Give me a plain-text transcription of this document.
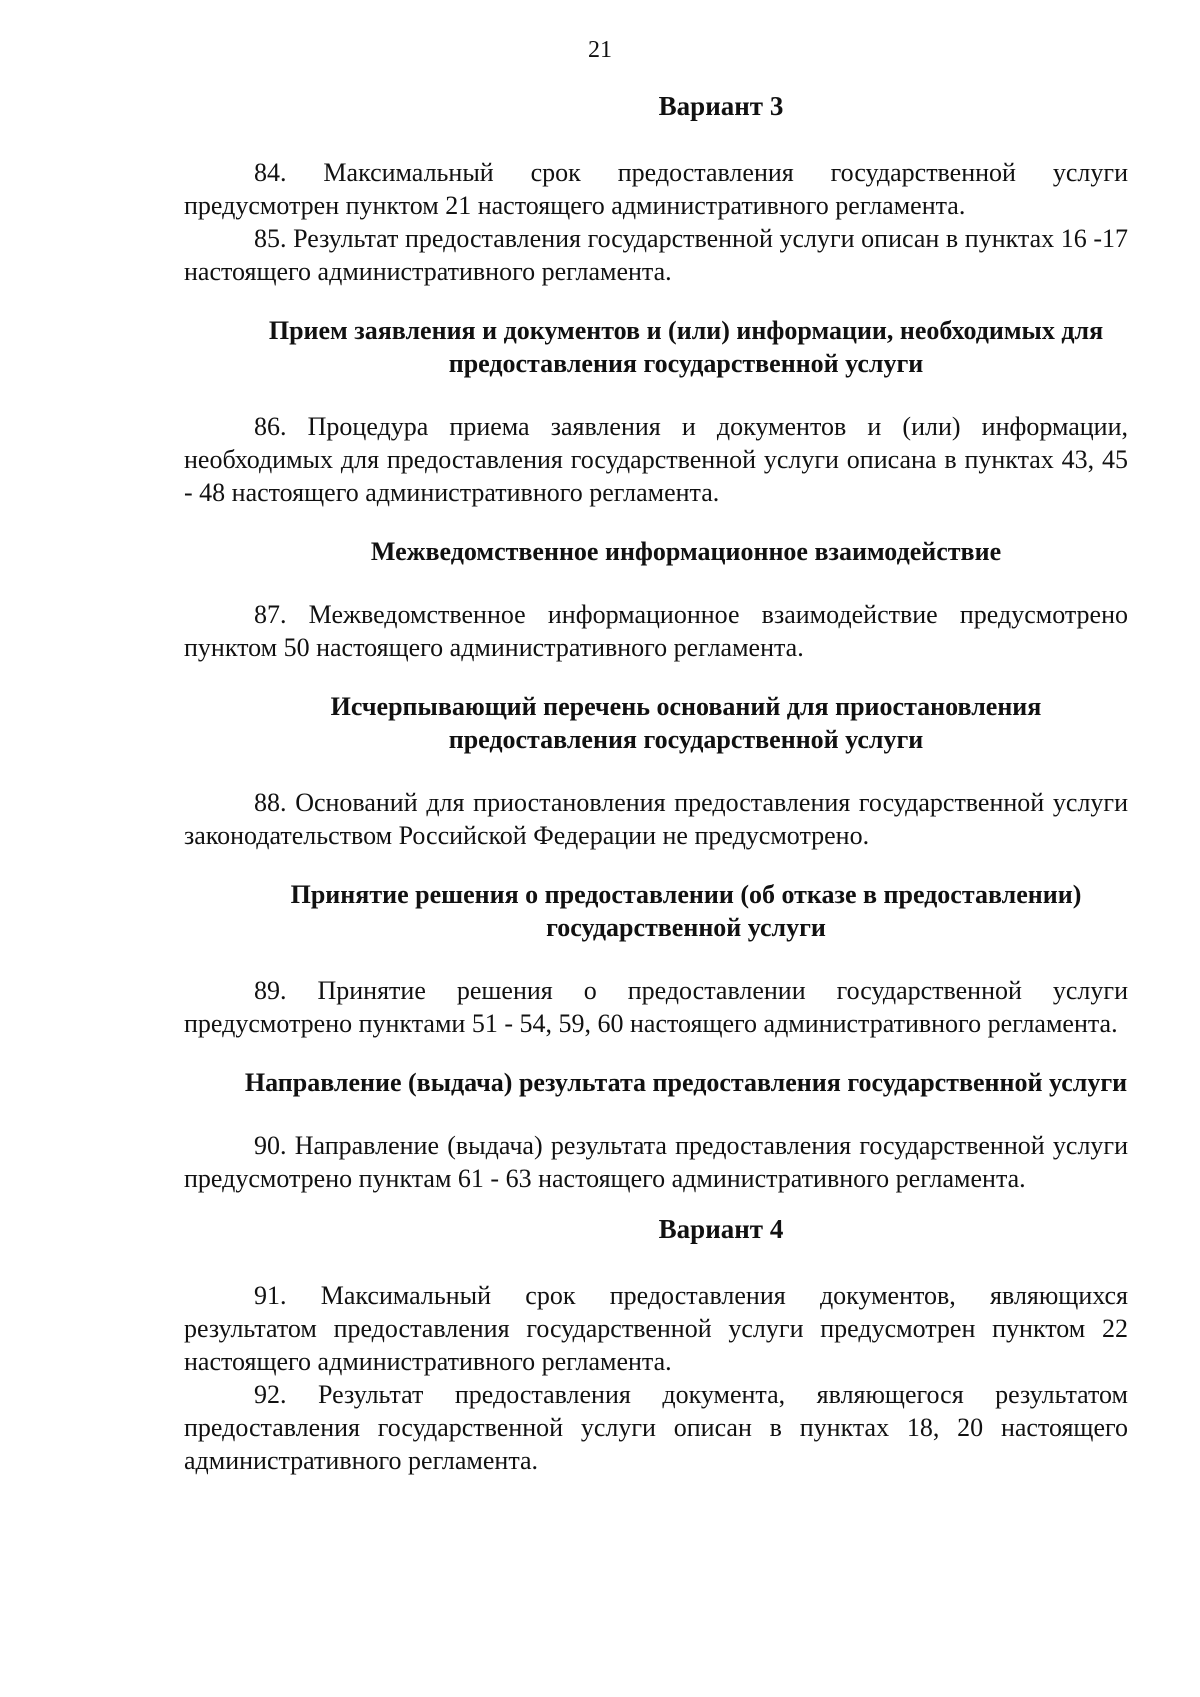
21

Вариант 3

84. Максимальный срок предоставления государственной услуги предусмотрен пунктом 21 настоящего административного регламента.

85. Результат предоставления государственной услуги описан в пунктах 16 -17 настоящего административного регламента.

Прием заявления и документов и (или) информации, необходимых для предоставления государственной услуги

86. Процедура приема заявления и документов и (или) информации, необходимых для предоставления государственной услуги описана в пунктах 43, 45 - 48 настоящего административного регламента.

Межведомственное информационное взаимодействие

87. Межведомственное информационное взаимодействие предусмотрено пунктом 50 настоящего административного регламента.

Исчерпывающий перечень оснований для приостановления предоставления государственной услуги

88. Оснований для приостановления предоставления государственной услуги законодательством Российской Федерации не предусмотрено.

Принятие решения о предоставлении (об отказе в предоставлении) государственной услуги

89. Принятие решения о предоставлении государственной услуги предусмотрено пунктами 51 - 54, 59, 60 настоящего административного регламента.

Направление (выдача) результата предоставления государственной услуги

90. Направление (выдача) результата предоставления государственной услуги предусмотрено пунктам 61 - 63 настоящего административного регламента.

Вариант 4

91. Максимальный срок предоставления документов, являющихся результатом предоставления государственной услуги предусмотрен пунктом 22 настоящего административного регламента.

92. Результат предоставления документа, являющегося результатом предоставления государственной услуги описан в пунктах 18, 20 настоящего административного регламента.
